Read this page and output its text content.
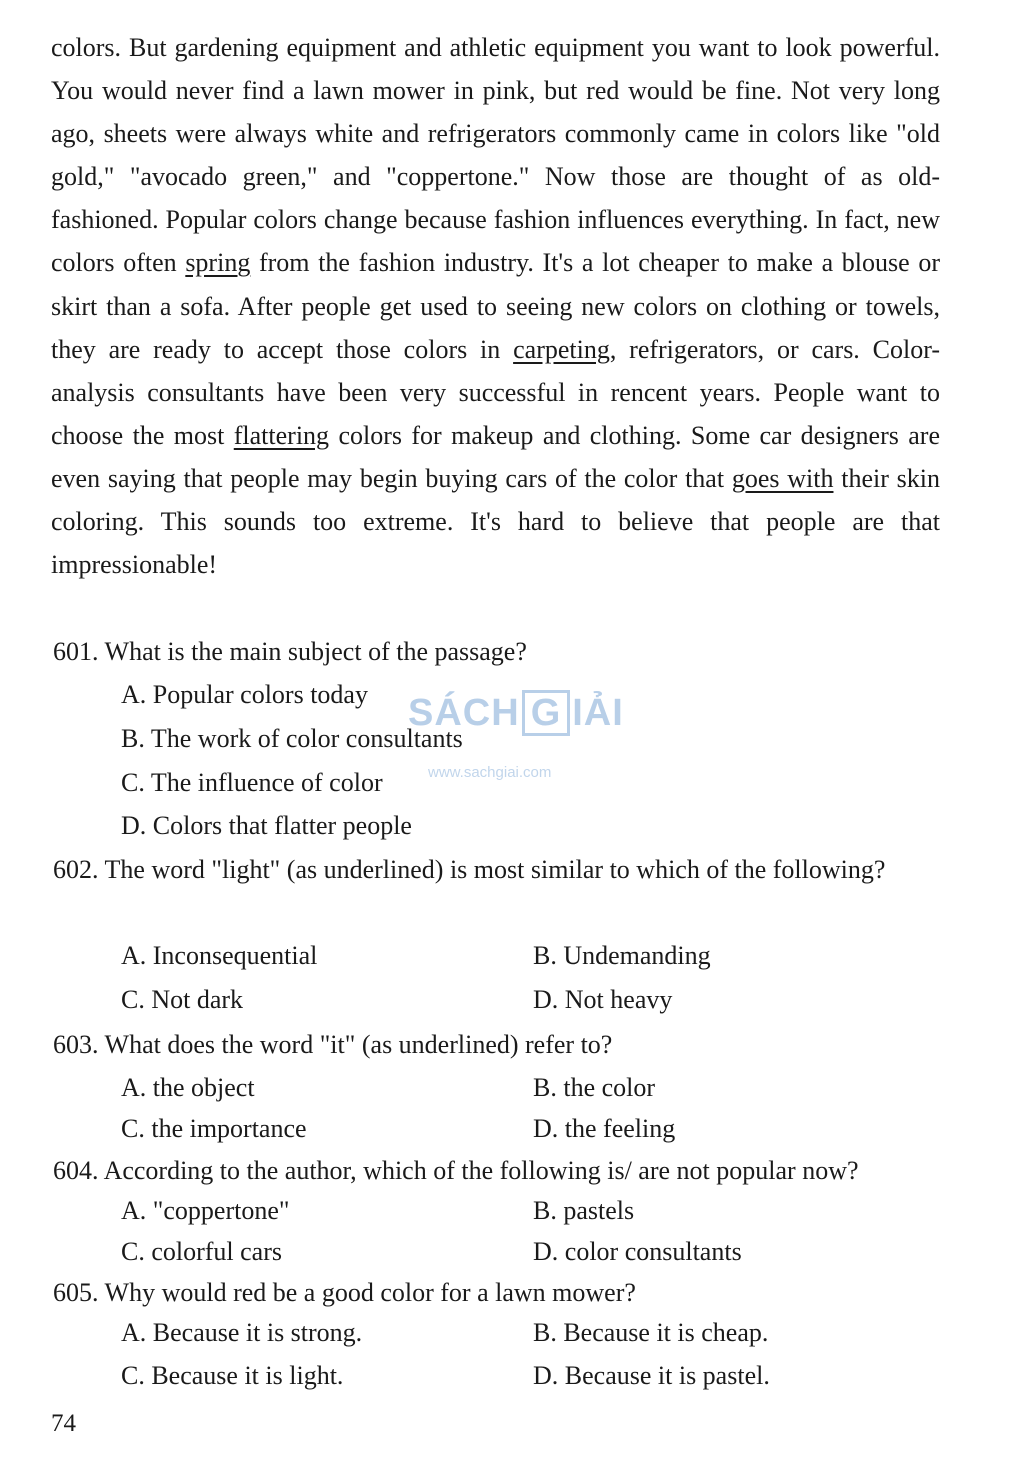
colors. But gardening equipment and athletic equipment you want to look powerful. You would never find a lawn mower in pink, but red would be fine. Not very long ago, sheets were always white and refrigerators commonly came in colors like "old gold," "avocado green," and "coppertone." Now those are thought of as old-fashioned. Popular colors change because fashion influences everything. In fact, new colors often spring from the fashion industry. It's a lot cheaper to make a blouse or skirt than a sofa. After people get used to seeing new colors on clothing or towels, they are ready to accept those colors in carpeting, refrigerators, or cars. Color-analysis consultants have been very successful in rencent years. People want to choose the most flattering colors for makeup and clothing. Some car designers are even saying that people may begin buying cars of the color that goes with their skin coloring. This sounds too extreme. It's hard to believe that people are that impressionable!
601. What is the main subject of the passage?
A. Popular colors today
B. The work of color consultants
C. The influence of color
D. Colors that flatter people
602. The word "light" (as underlined) is most similar to which of the following?
A. Inconsequential	B. Undemanding
C. Not dark	D. Not heavy
603. What does the word "it" (as underlined) refer to?
A. the object	B. the color
C. the importance	D. the feeling
604. According to the author, which of the following is/ are not popular now?
A. "coppertone"	B. pastels
C. colorful cars	D. color consultants
605. Why would red be a good color for a lawn mower?
A. Because it is strong.	B. Because it is cheap.
C. Because it is light.	D. Because it is pastel.
SÁCH G IẢI
www.sachgiai.com
74
